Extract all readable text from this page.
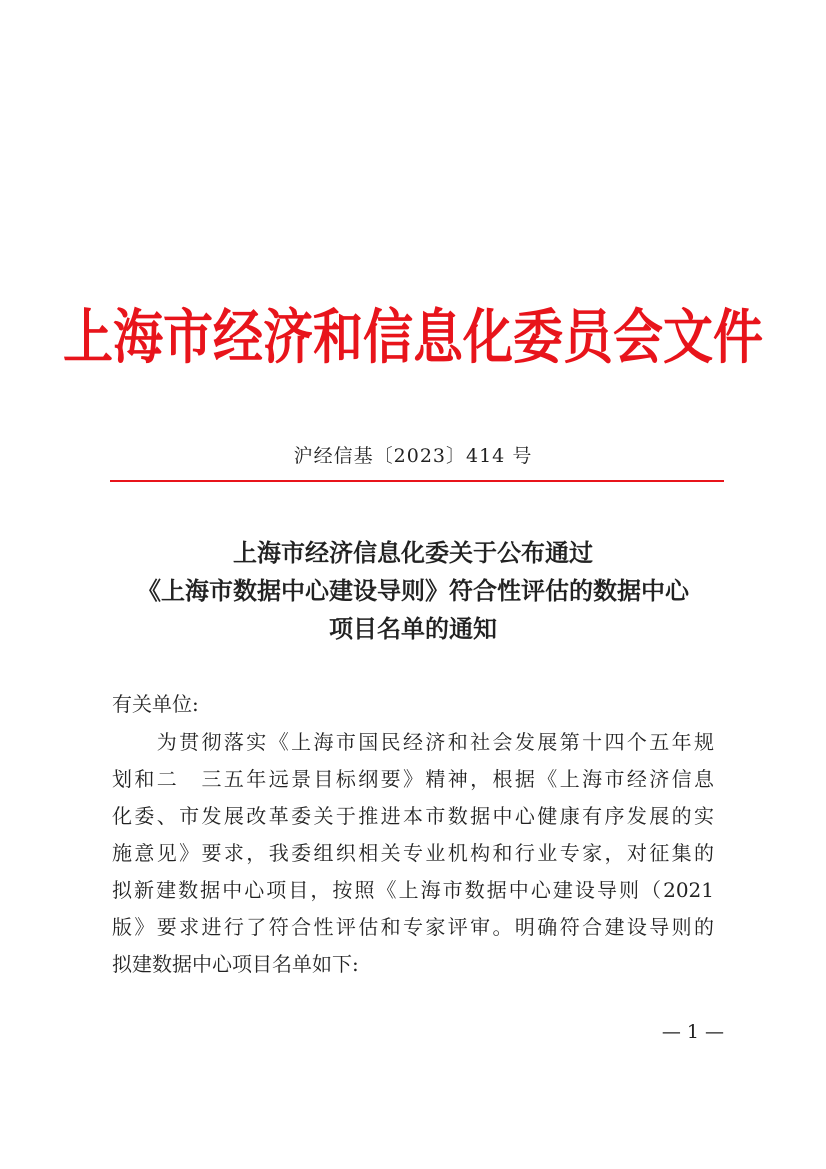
上海市经济和信息化委员会文件
沪经信基〔2023〕414 号
上海市经济信息化委关于公布通过
《上海市数据中心建设导则》符合性评估的数据中心
项目名单的通知
有关单位:
　　为贯彻落实《上海市国民经济和社会发展第十四个五年规
划和二　三五年远景目标纲要》精神，根据《上海市经济信息
化委、市发展改革委关于推进本市数据中心健康有序发展的实
施意见》要求，我委组织相关专业机构和行业专家，对征集的
拟新建数据中心项目，按照《上海市数据中心建设导则（2021
版》要求进行了符合性评估和专家评审。明确符合建设导则的
拟建数据中心项目名单如下:
— 1 —
